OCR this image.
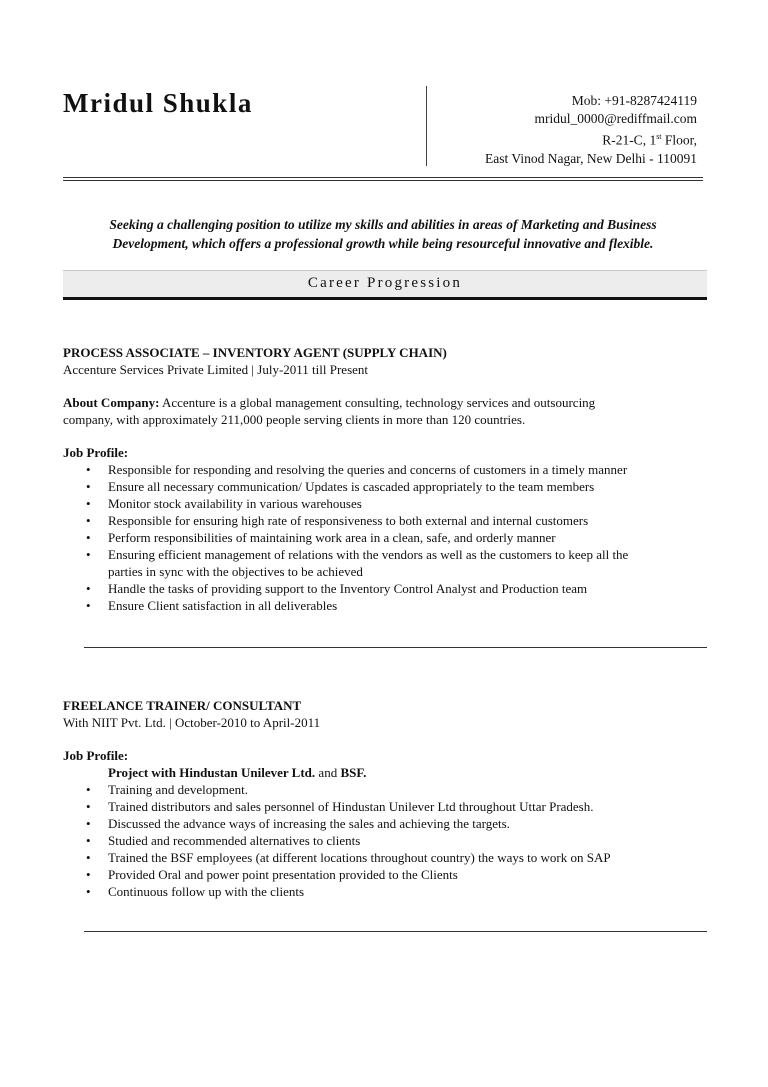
Mridul Shukla	Mob: +91-8287424119
mridul_0000@rediffmail.com
R-21-C, 1st Floor,
East Vinod Nagar, New Delhi - 110091
Seeking a challenging position to utilize my skills and abilities in areas of Marketing and Business
Development, which offers a professional growth while being resourceful innovative and flexible.
Career Progression
PROCESS ASSOCIATE – INVENTORY AGENT (SUPPLY CHAIN)
Accenture Services Private Limited | July-2011 till Present
About Company: Accenture is a global management consulting, technology services and outsourcing
company, with approximately 211,000 people serving clients in more than 120 countries.
Job Profile:
• Responsible for responding and resolving the queries and concerns of customers in a timely manner
• Ensure all necessary communication/ Updates is cascaded appropriately to the team members
• Monitor stock availability in various warehouses
• Responsible for ensuring high rate of responsiveness to both external and internal customers
• Perform responsibilities of maintaining work area in a clean, safe, and orderly manner
• Ensuring efficient management of relations with the vendors as well as the customers to keep all the
parties in sync with the objectives to be achieved
• Handle the tasks of providing support to the Inventory Control Analyst and Production team
• Ensure Client satisfaction in all deliverables
FREELANCE TRAINER/ CONSULTANT
With NIIT Pvt. Ltd. | October-2010 to April-2011
Job Profile:
Project with Hindustan Unilever Ltd. and BSF.
• Training and development.
• Trained distributors and sales personnel of Hindustan Unilever Ltd throughout Uttar Pradesh.
• Discussed the advance ways of increasing the sales and achieving the targets.
• Studied and recommended alternatives to clients
• Trained the BSF employees (at different locations throughout country) the ways to work on SAP
• Provided Oral and power point presentation provided to the Clients
• Continuous follow up with the clients
